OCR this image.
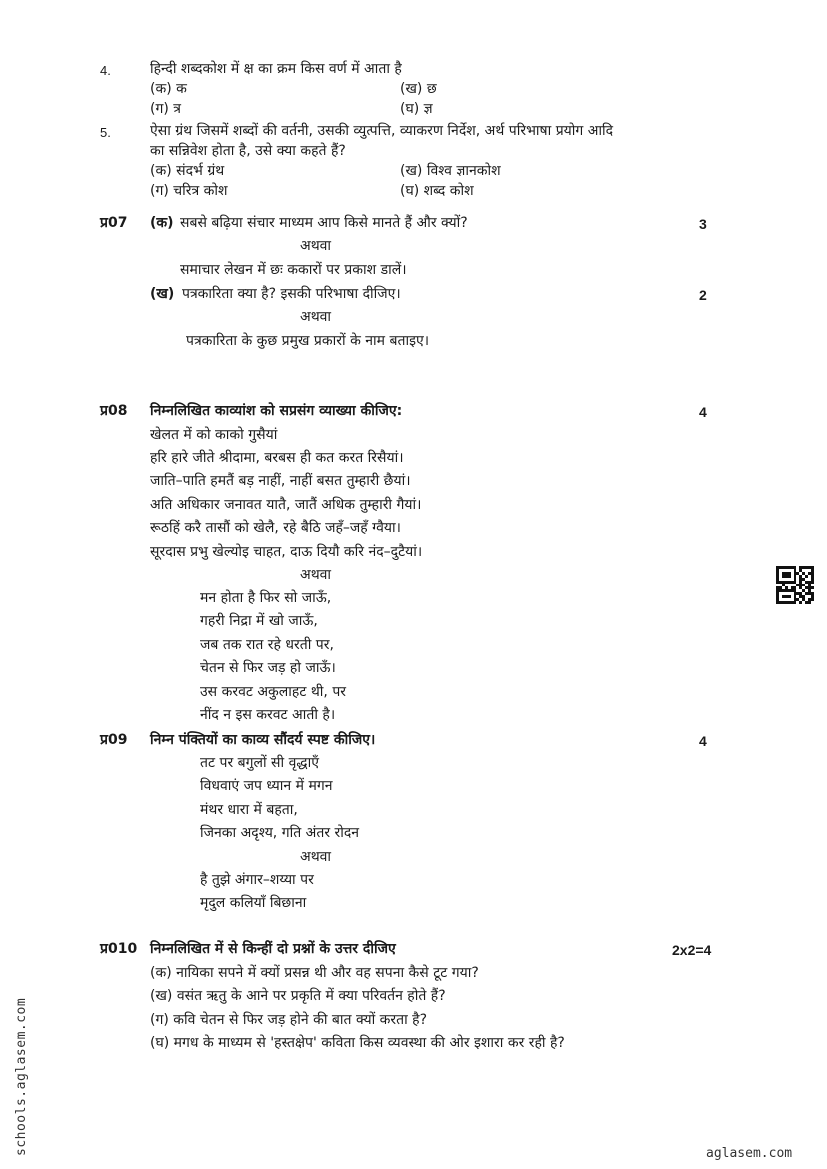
4.	हिन्दी शब्दकोश में क्ष का क्रम किस वर्ण में आता है
(क) क	(ख) छ
(ग) त्र	(घ) ज्ञ
5.	ऐसा ग्रंथ जिसमें शब्दों की वर्तनी, उसकी व्युत्पत्ति, व्याकरण निर्देश, अर्थ परिभाषा प्रयोग आदि
का सन्निवेश होता है, उसे क्या कहते हैं?
(क) संदर्भ ग्रंथ	(ख) विश्व ज्ञानकोश
(ग) चरित्र कोश	(घ) शब्द कोश
प्र07 (क) सबसे बढ़िया संचार माध्यम आप किसे मानते हैं और क्यों?	3
अथवा
समाचार लेखन में छः ककारों पर प्रकाश डालें।
(ख) पत्रकारिता क्या है? इसकी परिभाषा दीजिए।	2
अथवा
पत्रकारिता के कुछ प्रमुख प्रकारों के नाम बताइए।
प्र08 निम्नलिखित काव्यांश को सप्रसंग व्याख्या कीजिए:	4
खेलत में को काको गुसैयां
हरि हारे जीते श्रीदामा, बरबस ही कत करत रिसैयां।
जाति–पाति हमतैं बड़ नाहीं, नाहीं बसत तुम्हारी छैयां।
अति अधिकार जनावत यातै, जातैं अधिक तुम्हारी गैयां।
रूठहिं करै तासौं को खेलै, रहे बैठि जहँ–जहँ ग्वैया।
सूरदास प्रभु खेल्योइ चाहत, दाऊ दियौ करि नंद–दुटैयां।
अथवा
मन होता है फिर सो जाऊँ,
गहरी निद्रा में खो जाऊँ,
जब तक रात रहे धरती पर,
चेतन से फिर जड़ हो जाऊँ।
उस करवट अकुलाहट थी, पर
नींद न इस करवट आती है।
प्र09 निम्न पंक्तियों का काव्य सौंदर्य स्पष्ट कीजिए।	4
तट पर बगुलों सी वृद्धाएँ
विधवाएं जप ध्यान में मगन
मंथर धारा में बहता,
जिनका अदृश्य, गति अंतर रोदन
अथवा
है तुझे अंगार–शय्या पर
मृदुल कलियाँ बिछाना
प्र010 निम्नलिखित में से किन्हीं दो प्रश्नों के उत्तर दीजिए	2x2=4
(क) नायिका सपने में क्यों प्रसन्न थी और वह सपना कैसे टूट गया?
(ख) वसंत ऋतु के आने पर प्रकृति में क्या परिवर्तन होते हैं?
(ग) कवि चेतन से फिर जड़ होने की बात क्यों करता है?
(घ) मगध के माध्यम से 'हस्तक्षेप' कविता किस व्यवस्था की ओर इशारा कर रही है?
schools.aglasem.com	aglasem.com
